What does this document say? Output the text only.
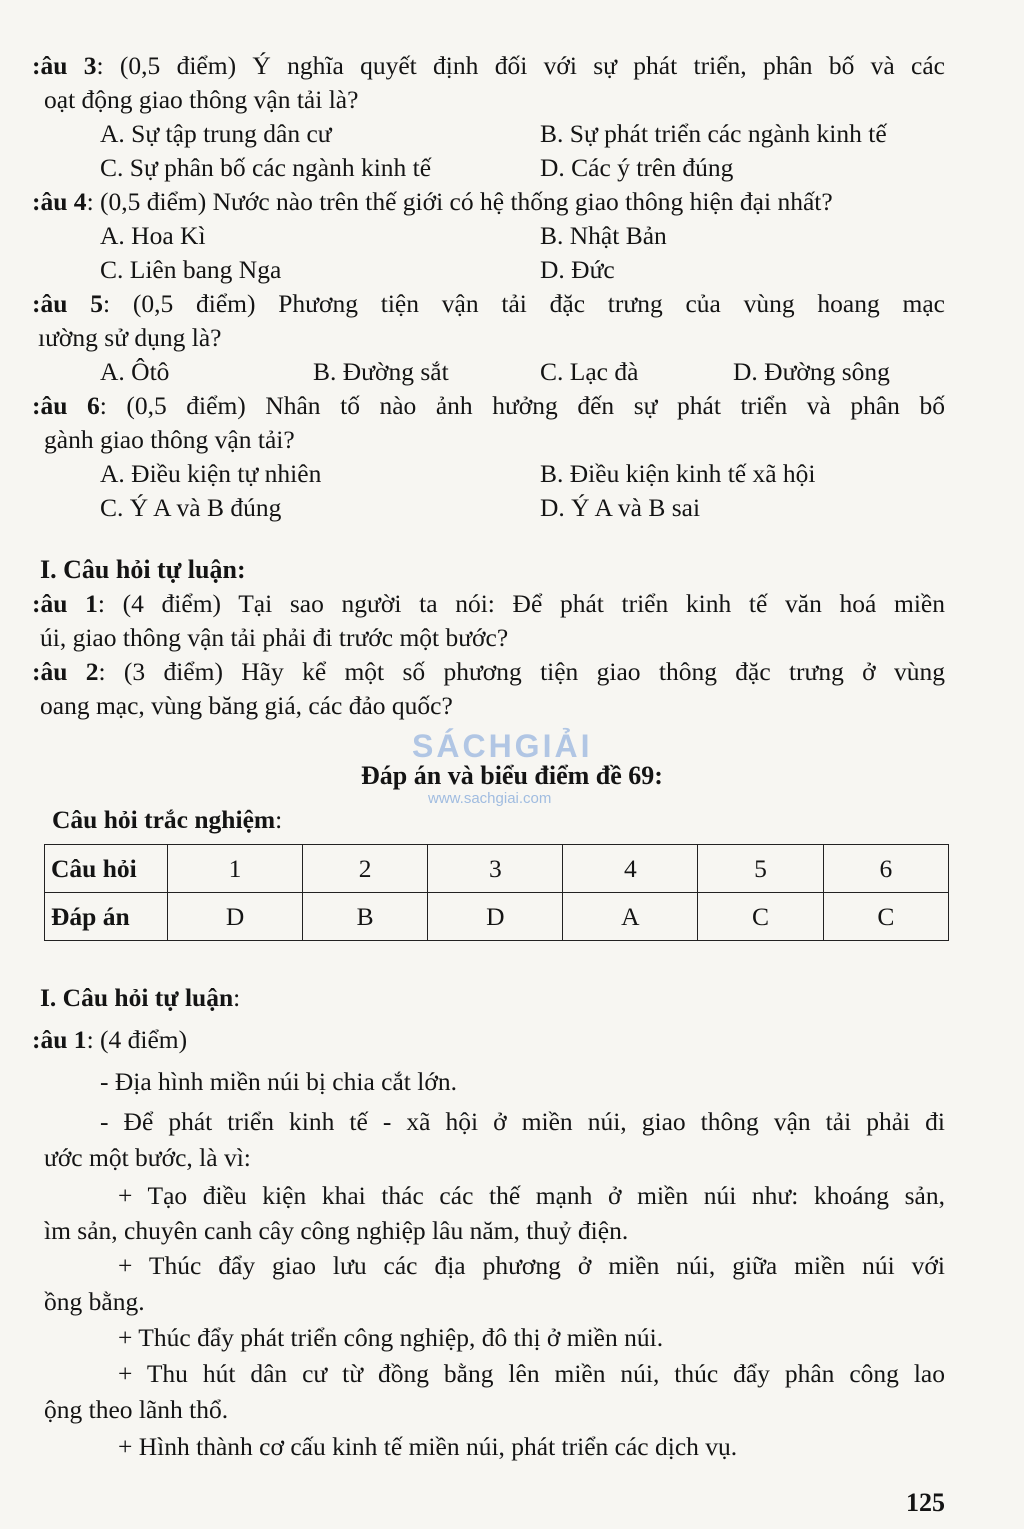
:âu 3: (0,5 điểm) Ý nghĩa quyết định đối với sự phát triển, phân bố và các
oạt động giao thông vận tải là?
A. Sự tập trung dân cư	B. Sự phát triển các ngành kinh tế
C. Sự phân bố các ngành kinh tế	D. Các ý trên đúng
:âu 4: (0,5 điểm) Nước nào trên thế giới có hệ thống giao thông hiện đại nhất?
A. Hoa Kì	B. Nhật Bản
C. Liên bang Nga	D. Đức
:âu 5: (0,5 điểm) Phương tiện vận tải đặc trưng của vùng hoang mạc
ıường sử dụng là?
A. Ôtô	B. Đường sắt	C. Lạc đà	D. Đường sông
:âu 6: (0,5 điểm) Nhân tố nào ảnh hưởng đến sự phát triển và phân bố
gành giao thông vận tải?
A. Điều kiện tự nhiên	B. Điều kiện kinh tế xã hội
C. Ý A và B đúng	D. Ý A và B sai
I. Câu hỏi tự luận:
:âu 1: (4 điểm) Tại sao người ta nói: Để phát triển kinh tế văn hoá miền
úi, giao thông vận tải phải đi trước một bước?
:âu 2: (3 điểm) Hãy kể một số phương tiện giao thông đặc trưng ở vùng
oang mạc, vùng băng giá, các đảo quốc?
SÁCHGIẢI
www.sachgiai.com
Đáp án và biểu điểm đề 69:
Câu hỏi trắc nghiệm:
Câu hỏi	1	2	3	4	5	6
Đáp án	D	B	D	A	C	C
I. Câu hỏi tự luận:
:âu 1: (4 điểm)
- Địa hình miền núi bị chia cắt lớn.
- Để phát triển kinh tế - xã hội ở miền núi, giao thông vận tải phải đi
ước một bước, là vì:
+ Tạo điều kiện khai thác các thế mạnh ở miền núi như: khoáng sản,
ìm sản, chuyên canh cây công nghiệp lâu năm, thuỷ điện.
+ Thúc đẩy giao lưu các địa phương ở miền núi, giữa miền núi với
ồng bằng.
+ Thúc đẩy phát triển công nghiệp, đô thị ở miền núi.
+ Thu hút dân cư từ đồng bằng lên miền núi, thúc đẩy phân công lao
ộng theo lãnh thổ.
+ Hình thành cơ cấu kinh tế miền núi, phát triển các dịch vụ.
125
